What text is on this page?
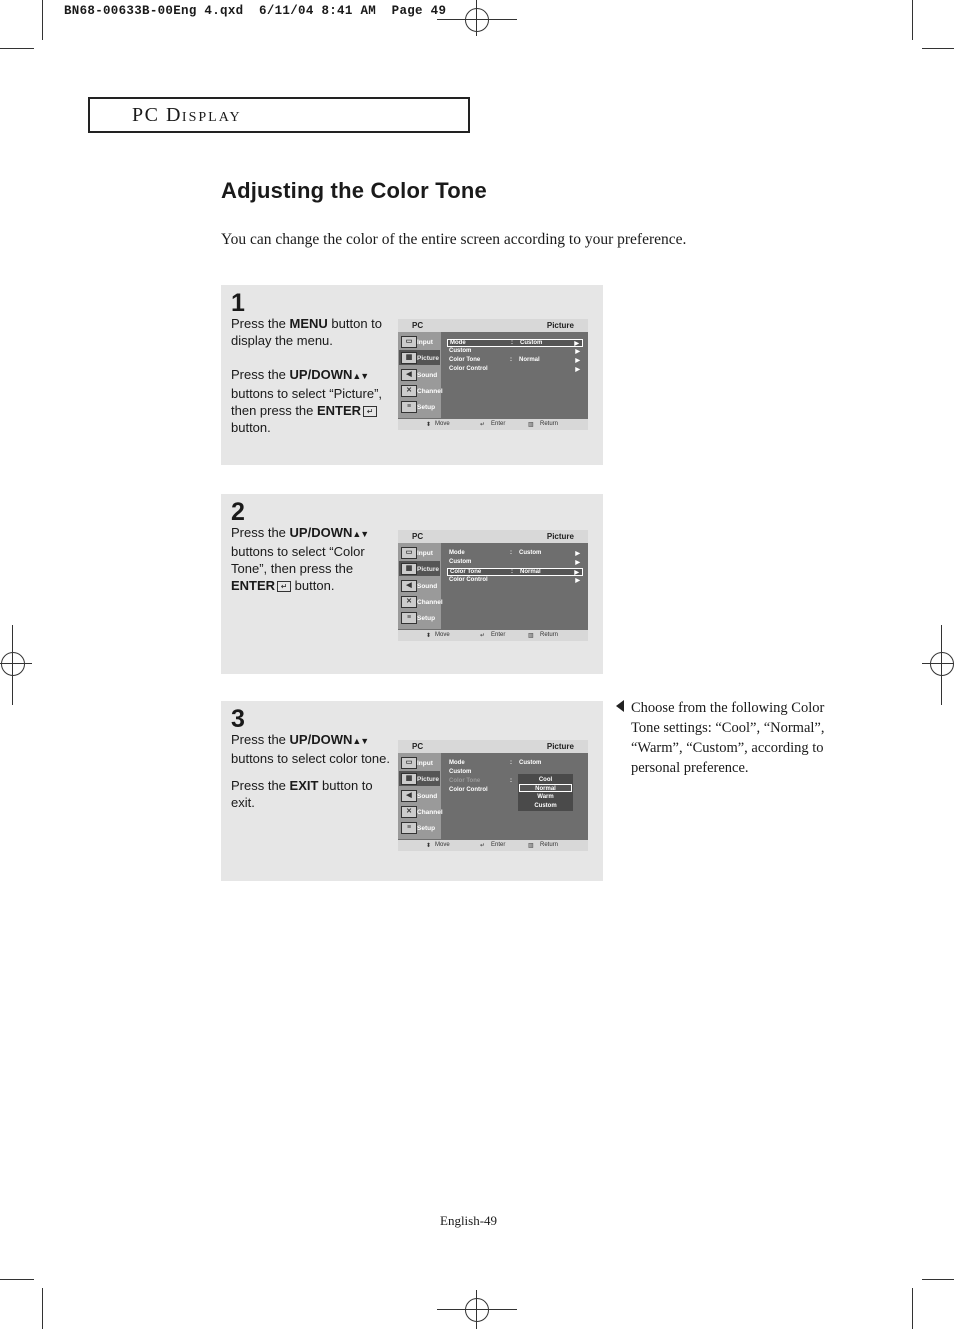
BN68-00633B-00Eng 4.qxd  6/11/04 8:41 AM  Page 49
PC DISPLAY
Adjusting the Color Tone
You can change the color of the entire screen according to your preference.
1

Press the MENU button to display the menu.

Press the UP/DOWN▲▼ buttons to select “Picture”, then press the ENTER ↵ button.

PC	Picture
▭ Input
▦ Picture
◀ Sound
✕ Channel
≡ Setup
Mode	: Custom	▶
Custom	▶
Color Tone	: Normal	▶
Color Control	▶
⬍ Move	↵ Enter	▥ Return
2

Press the UP/DOWN▲▼ buttons to select “Color Tone”, then press the ENTER ↵ button.

PC	Picture
▭ Input
▦ Picture
◀ Sound
✕ Channel
≡ Setup
Mode	: Custom	▶
Custom	▶
Color Tone	: Normal	▶
Color Control	▶
⬍ Move	↵ Enter	▥ Return
3

Press the UP/DOWN▲▼ buttons to select color tone.

Press the EXIT button to exit.

PC	Picture
▭ Input
▦ Picture
◀ Sound
✕ Channel
≡ Setup
Mode	: Custom
Custom
Color Tone	:
Color Control
Cool
Normal
Warm
Custom
⬍ Move	↵ Enter	▥ Return
Choose from the following Color Tone settings: “Cool”, “Normal”, “Warm”, “Custom”, according to personal preference.
English-49
